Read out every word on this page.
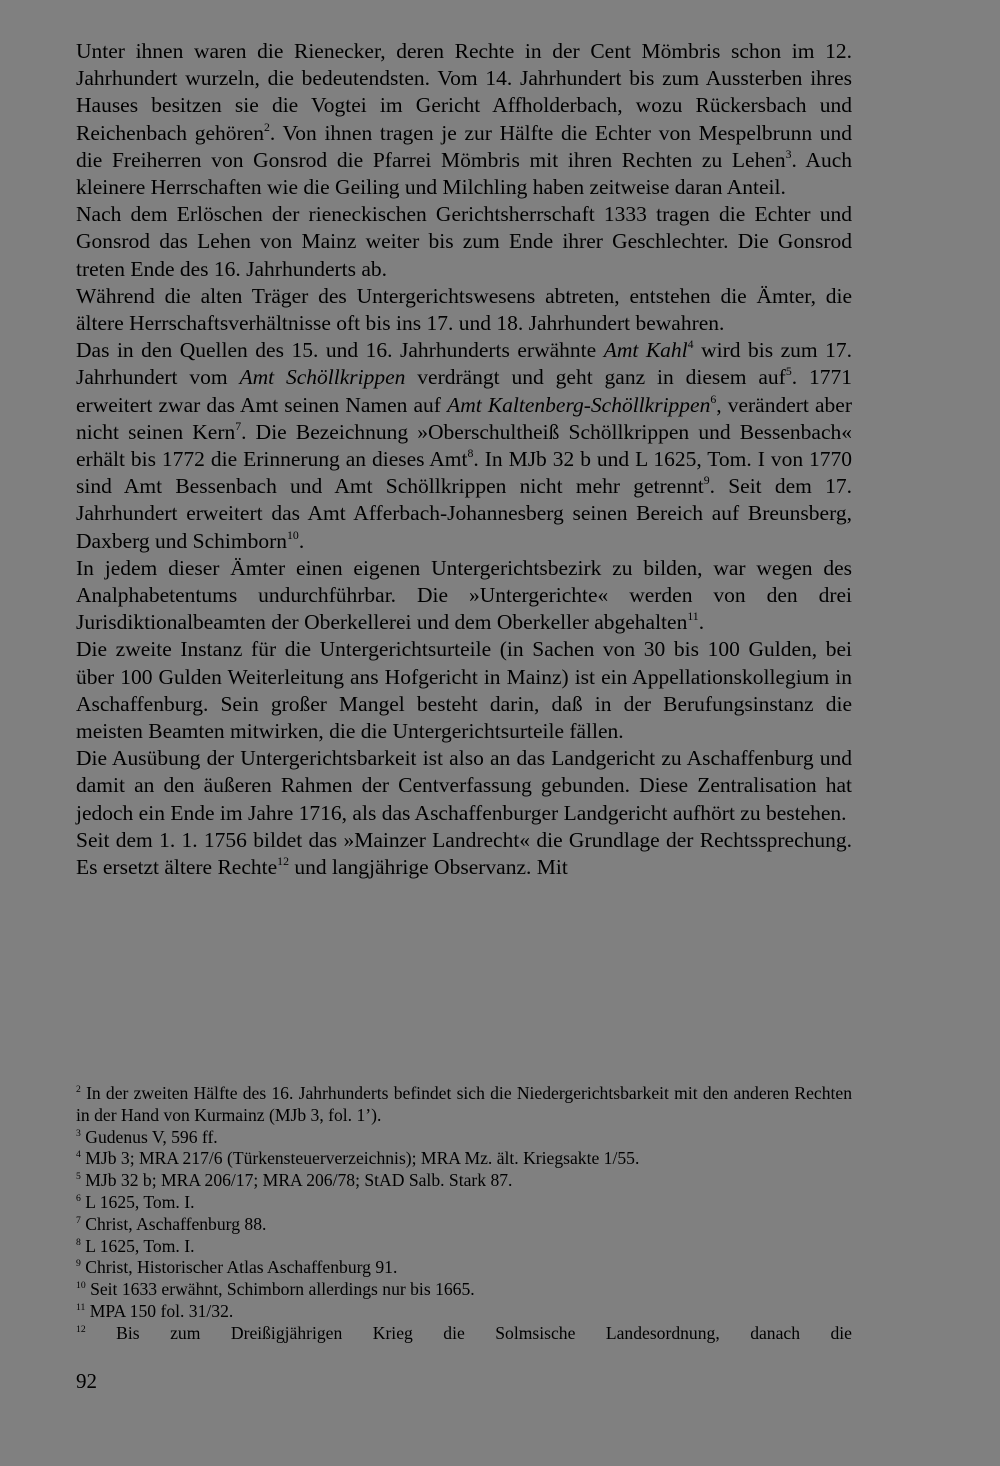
Unter ihnen waren die Rienecker, deren Rechte in der Cent Mömbris schon im 12. Jahrhundert wurzeln, die bedeutendsten. Vom 14. Jahrhundert bis zum Aussterben ihres Hauses besitzen sie die Vogtei im Gericht Affholderbach, wozu Rückersbach und Reichenbach gehören$^2$. Von ihnen tragen je zur Hälfte die Echter von Mespelbrunn und die Freiherren von Gonsrod die Pfarrei Mömbris mit ihren Rechten zu Lehen$^3$. Auch kleinere Herrschaften wie die Geiling und Milchling haben zeitweise daran Anteil.

Nach dem Erlöschen der rieneckischen Gerichtsherrschaft 1333 tragen die Echter und Gonsrod das Lehen von Mainz weiter bis zum Ende ihrer Geschlechter. Die Gonsrod treten Ende des 16. Jahrhunderts ab.

Während die alten Träger des Untergerichtswesens abtreten, entstehen die Ämter, die ältere Herrschaftsverhältnisse oft bis ins 17. und 18. Jahrhundert bewahren.

Das in den Quellen des 15. und 16. Jahrhunderts erwähnte Amt Kahl$^4$ wird bis zum 17. Jahrhundert vom Amt Schöllkrippen verdrängt und geht ganz in diesem auf$^5$. 1771 erweitert zwar das Amt seinen Namen auf Amt Kaltenberg-Schöllkrippen$^6$, verändert aber nicht seinen Kern$^7$. Die Bezeichnung »Oberschultheiß Schöllkrippen und Bessenbach« erhält bis 1772 die Erinnerung an dieses Amt$^8$. In MJb 32 b und L 1625, Tom. I von 1770 sind Amt Bessenbach und Amt Schöllkrippen nicht mehr getrennt$^9$. Seit dem 17. Jahrhundert erweitert das Amt Afferbach-Johannesberg seinen Bereich auf Breunsberg, Daxberg und Schimborn$^{10}$.

In jedem dieser Ämter einen eigenen Untergerichtsbezirk zu bilden, war wegen des Analphabetentums undurchführbar. Die »Untergerichte« werden von den drei Jurisdiktionalbeamten der Oberkellerei und dem Oberkeller abgehalten$^{11}$.

Die zweite Instanz für die Untergerichtsurteile (in Sachen von 30 bis 100 Gulden, bei über 100 Gulden Weiterleitung ans Hofgericht in Mainz) ist ein Appellationskollegium in Aschaffenburg. Sein großer Mangel besteht darin, daß in der Berufungsinstanz die meisten Beamten mitwirken, die die Untergerichtsurteile fällen.

Die Ausübung der Untergerichtsbarkeit ist also an das Landgericht zu Aschaffenburg und damit an den äußeren Rahmen der Centverfassung gebunden. Diese Zentralisation hat jedoch ein Ende im Jahre 1716, als das Aschaffenburger Landgericht aufhört zu bestehen.

Seit dem 1. 1. 1756 bildet das »Mainzer Landrecht« die Grundlage der Rechtssprechung. Es ersetzt ältere Rechte$^{12}$ und langjährige Observanz. Mit

$^2$ In der zweiten Hälfte des 16. Jahrhunderts befindet sich die Niedergerichtsbarkeit mit den anderen Rechten in der Hand von Kurmainz (MJb 3, fol. 1’).
$^3$ Gudenus V, 596 ff.
$^4$ MJb 3; MRA 217/6 (Türkensteuerverzeichnis); MRA Mz. ält. Kriegsakte 1/55.
$^5$ MJb 32 b; MRA 206/17; MRA 206/78; StAD Salb. Stark 87.
$^6$ L 1625, Tom. I.
$^7$ Christ, Aschaffenburg 88.
$^8$ L 1625, Tom. I.
$^9$ Christ, Historischer Atlas Aschaffenburg 91.
$^{10}$ Seit 1633 erwähnt, Schimborn allerdings nur bis 1665.
$^{11}$ MPA 150 fol. 31/32.
$^{12}$ Bis zum Dreißigjährigen Krieg die Solmsische Landesordnung, danach die
92
